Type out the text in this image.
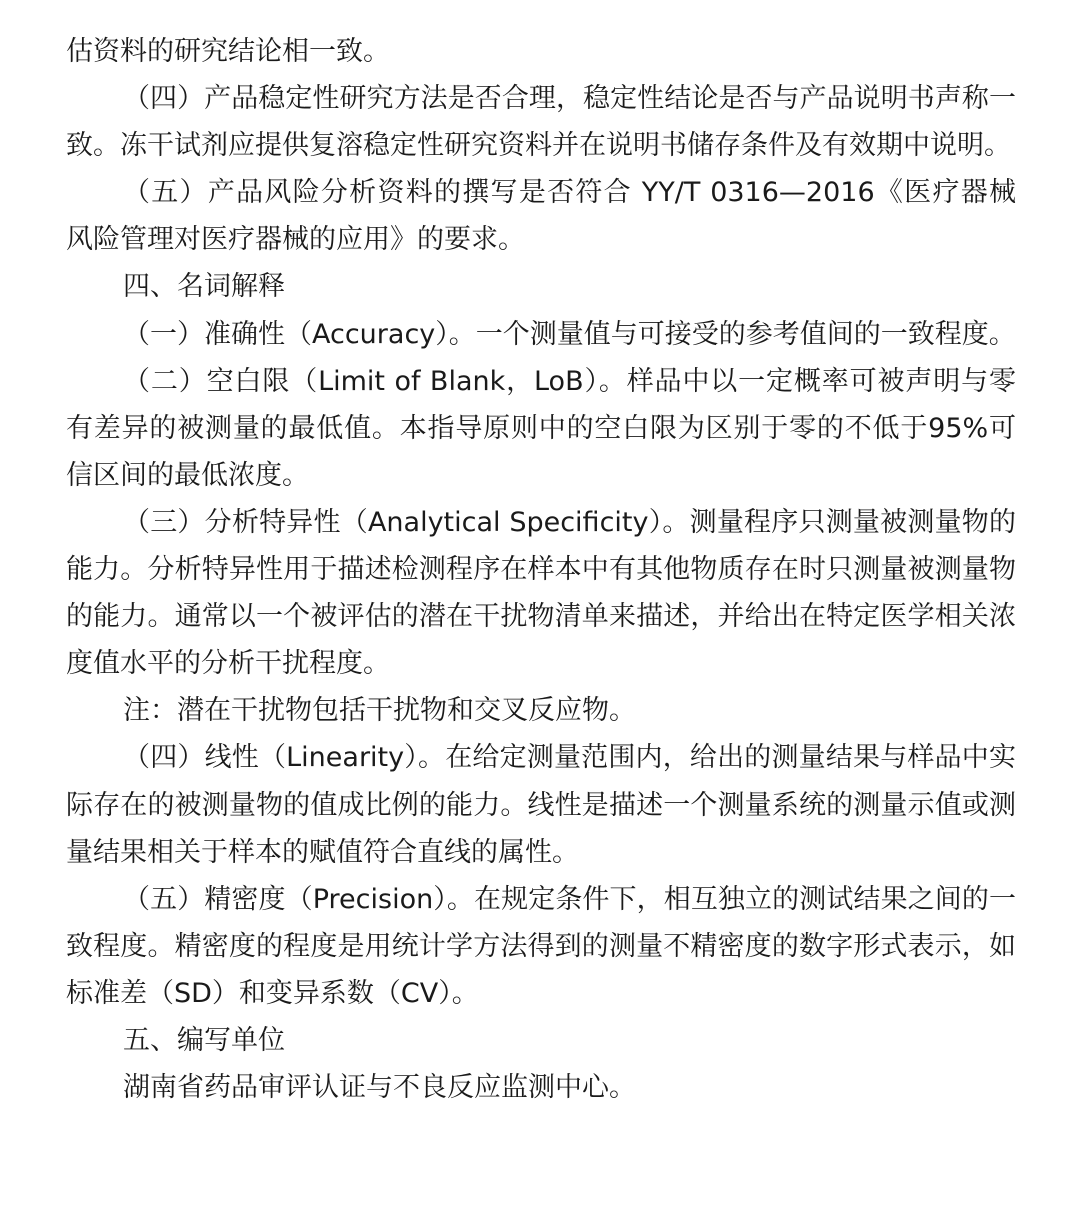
估资料的研究结论相一致。

（四）产品稳定性研究方法是否合理，稳定性结论是否与产品说明书声称一致。冻干试剂应提供复溶稳定性研究资料并在说明书储存条件及有效期中说明。

（五）产品风险分析资料的撰写是否符合 YY/T 0316—2016《医疗器械 风险管理对医疗器械的应用》的要求。

四、名词解释

（一）准确性（Accuracy）。一个测量值与可接受的参考值间的一致程度。

（二）空白限（Limit of Blank，LoB）。样品中以一定概率可被声明与零有差异的被测量的最低值。本指导原则中的空白限为区别于零的不低于95%可信区间的最低浓度。

（三）分析特异性（Analytical Specificity）。测量程序只测量被测量物的能力。分析特异性用于描述检测程序在样本中有其他物质存在时只测量被测量物的能力。通常以一个被评估的潜在干扰物清单来描述，并给出在特定医学相关浓度值水平的分析干扰程度。

注：潜在干扰物包括干扰物和交叉反应物。

（四）线性（Linearity）。在给定测量范围内，给出的测量结果与样品中实际存在的被测量物的值成比例的能力。线性是描述一个测量系统的测量示值或测量结果相关于样本的赋值符合直线的属性。

（五）精密度（Precision）。在规定条件下，相互独立的测试结果之间的一致程度。精密度的程度是用统计学方法得到的测量不精密度的数字形式表示，如标准差（SD）和变异系数（CV）。

五、编写单位

湖南省药品审评认证与不良反应监测中心。
